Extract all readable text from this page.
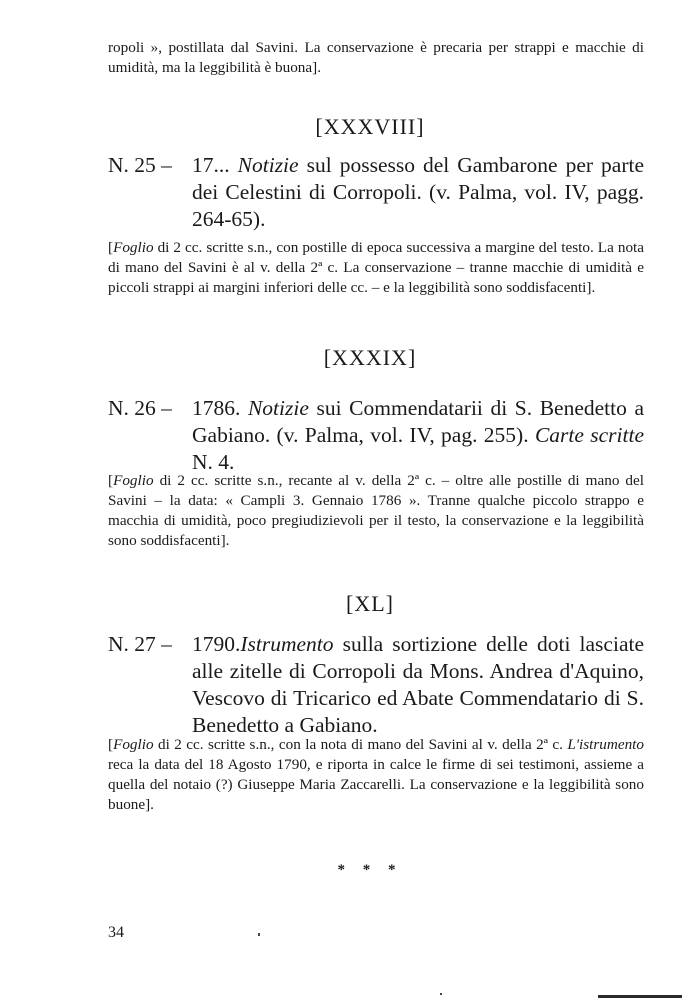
ropoli », postillata dal Savini. La conservazione è precaria per strappi e macchie di umidità, ma la leggibilità è buona].

[XXXVIII]
N. 25 – 17... Notizie sul possesso del Gambarone per parte dei Celestini di Corropoli. (v. Palma, vol. IV, pagg. 264-65).

[Foglio di 2 cc. scritte s.n., con postille di epoca successiva a margine del testo. La nota di mano del Savini è al v. della 2ª c. La conservazione – tranne macchie di umidità e piccoli strappi ai margini inferiori delle cc. – e la leggibilità sono soddisfacenti].

[XXXIX]
N. 26 – 1786. Notizie sui Commendatarii di S. Benedetto a Gabiano. (v. Palma, vol. IV, pag. 255). Carte scritte N. 4.

[Foglio di 2 cc. scritte s.n., recante al v. della 2ª c. – oltre alle postille di mano del Savini – la data: « Campli 3. Gennaio 1786 ». Tranne qualche piccolo strappo e macchia di umidità, poco pregiudizievoli per il testo, la conservazione e la leggibilità sono soddisfacenti].

[XL]
N. 27 – 1790.Istrumento sulla sortizione delle doti lasciate alle zitelle di Corropoli da Mons. Andrea d'Aquino, Vescovo di Tricarico ed Abate Commendatario di S. Benedetto a Gabiano.

[Foglio di 2 cc. scritte s.n., con la nota di mano del Savini al v. della 2ª c. L'istrumento reca la data del 18 Agosto 1790, e riporta in calce le firme di sei testimoni, assieme a quella del notaio (?) Giuseppe Maria Zaccarelli. La conservazione e la leggibilità sono buone].

* * *
34
